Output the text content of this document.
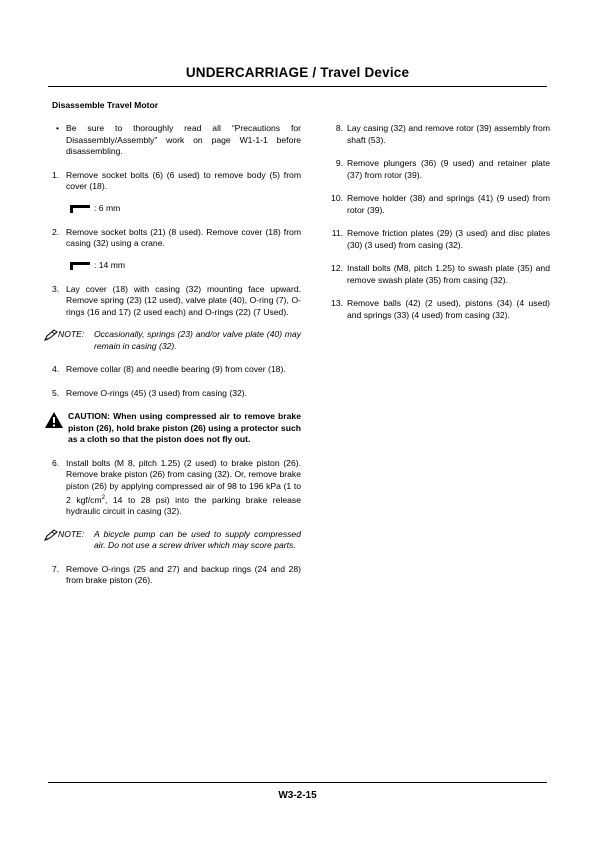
UNDERCARRIAGE / Travel Device
Disassemble Travel Motor
• Be sure to thoroughly read all “Precautions for Disassembly/Assembly” work on page W1-1-1 before disassembling.
1. Remove socket bolts (6) (6 used) to remove body (5) from cover (18).
: 6 mm
2. Remove socket bolts (21) (8 used). Remove cover (18) from casing (32) using a crane.
: 14 mm
3. Lay cover (18) with casing (32) mounting face upward. Remove spring (23) (12 used), valve plate (40), O-ring (7), O-rings (16 and 17) (2 used each) and O-rings (22) (7 Used).
NOTE:	Occasionally, springs (23) and/or valve plate (40) may remain in casing (32).
4. Remove collar (8) and needle bearing (9) from cover (18).
5. Remove O-rings (45) (3 used) from casing (32).
CAUTION: When using compressed air to remove brake piston (26), hold brake piston (26) using a protector such as a cloth so that the piston does not fly out.
6. Install bolts (M 8, pitch 1.25) (2 used) to brake piston (26). Remove brake piston (26) from casing (32). Or, remove brake piston (26) by applying compressed air of 98 to 196 kPa (1 to 2 kgf/$cm^2$, 14 to 28 psi) into the parking brake release hydraulic circuit in casing (32).
NOTE:	A bicycle pump can be used to supply compressed air. Do not use a screw driver which may score parts.
7. Remove O-rings (25 and 27) and backup rings (24 and 28) from brake piston (26).
8. Lay casing (32) and remove rotor (39) assembly from shaft (53).
9. Remove plungers (36) (9 used) and retainer plate (37) from rotor (39).
10. Remove holder (38) and springs (41) (9 used) from rotor (39).
11. Remove friction plates (29) (3 used) and disc plates (30) (3 used) from casing (32).
12. Install bolts (M8, pitch 1.25) to swash plate (35) and remove swash plate (35) from casing (32).
13. Remove balls (42) (2 used), pistons (34) (4 used) and springs (33) (4 used) from casing (32).
W3-2-15
